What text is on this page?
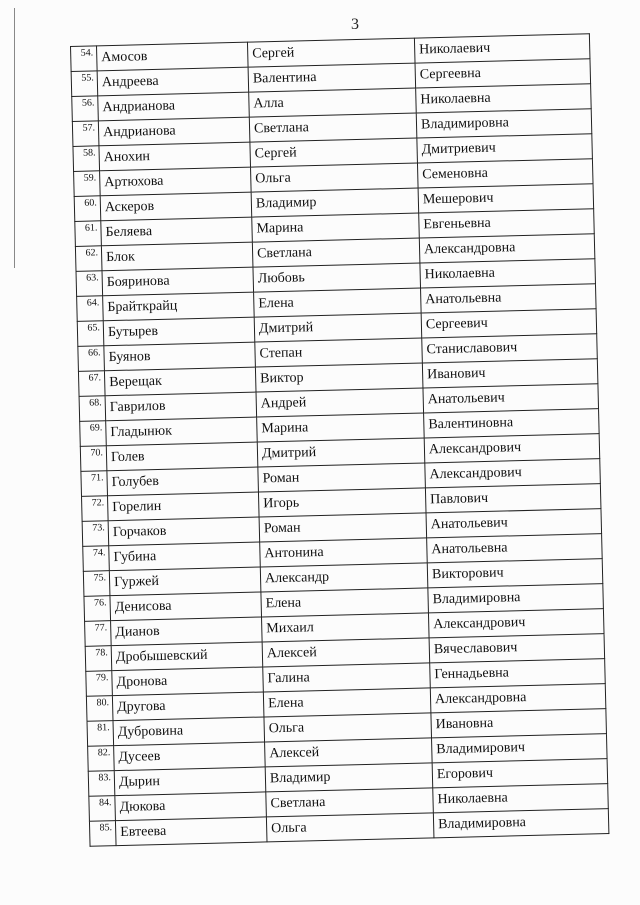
3
54.	Амосов	Сергей	Николаевич
55.	Андреева	Валентина	Сергеевна
56.	Андрианова	Алла	Николаевна
57.	Андрианова	Светлана	Владимировна
58.	Анохин	Сергей	Дмитриевич
59.	Артюхова	Ольга	Семеновна
60.	Аскеров	Владимир	Мешерович
61.	Беляева	Марина	Евгеньевна
62.	Блок	Светлана	Александровна
63.	Бояринова	Любовь	Николаевна
64.	Брайткрайц	Елена	Анатольевна
65.	Бутырев	Дмитрий	Сергеевич
66.	Буянов	Степан	Станиславович
67.	Верещак	Виктор	Иванович
68.	Гаврилов	Андрей	Анатольевич
69.	Гладынюк	Марина	Валентиновна
70.	Голев	Дмитрий	Александрович
71.	Голубев	Роман	Александрович
72.	Горелин	Игорь	Павлович
73.	Горчаков	Роман	Анатольевич
74.	Губина	Антонина	Анатольевна
75.	Гуржей	Александр	Викторович
76.	Денисова	Елена	Владимировна
77.	Дианов	Михаил	Александрович
78.	Дробышевский	Алексей	Вячеславович
79.	Дронова	Галина	Геннадьевна
80.	Другова	Елена	Александровна
81.	Дубровина	Ольга	Ивановна
82.	Дусеев	Алексей	Владимирович
83.	Дырин	Владимир	Егорович
84.	Дюкова	Светлана	Николаевна
85.	Евтеева	Ольга	Владимировна
